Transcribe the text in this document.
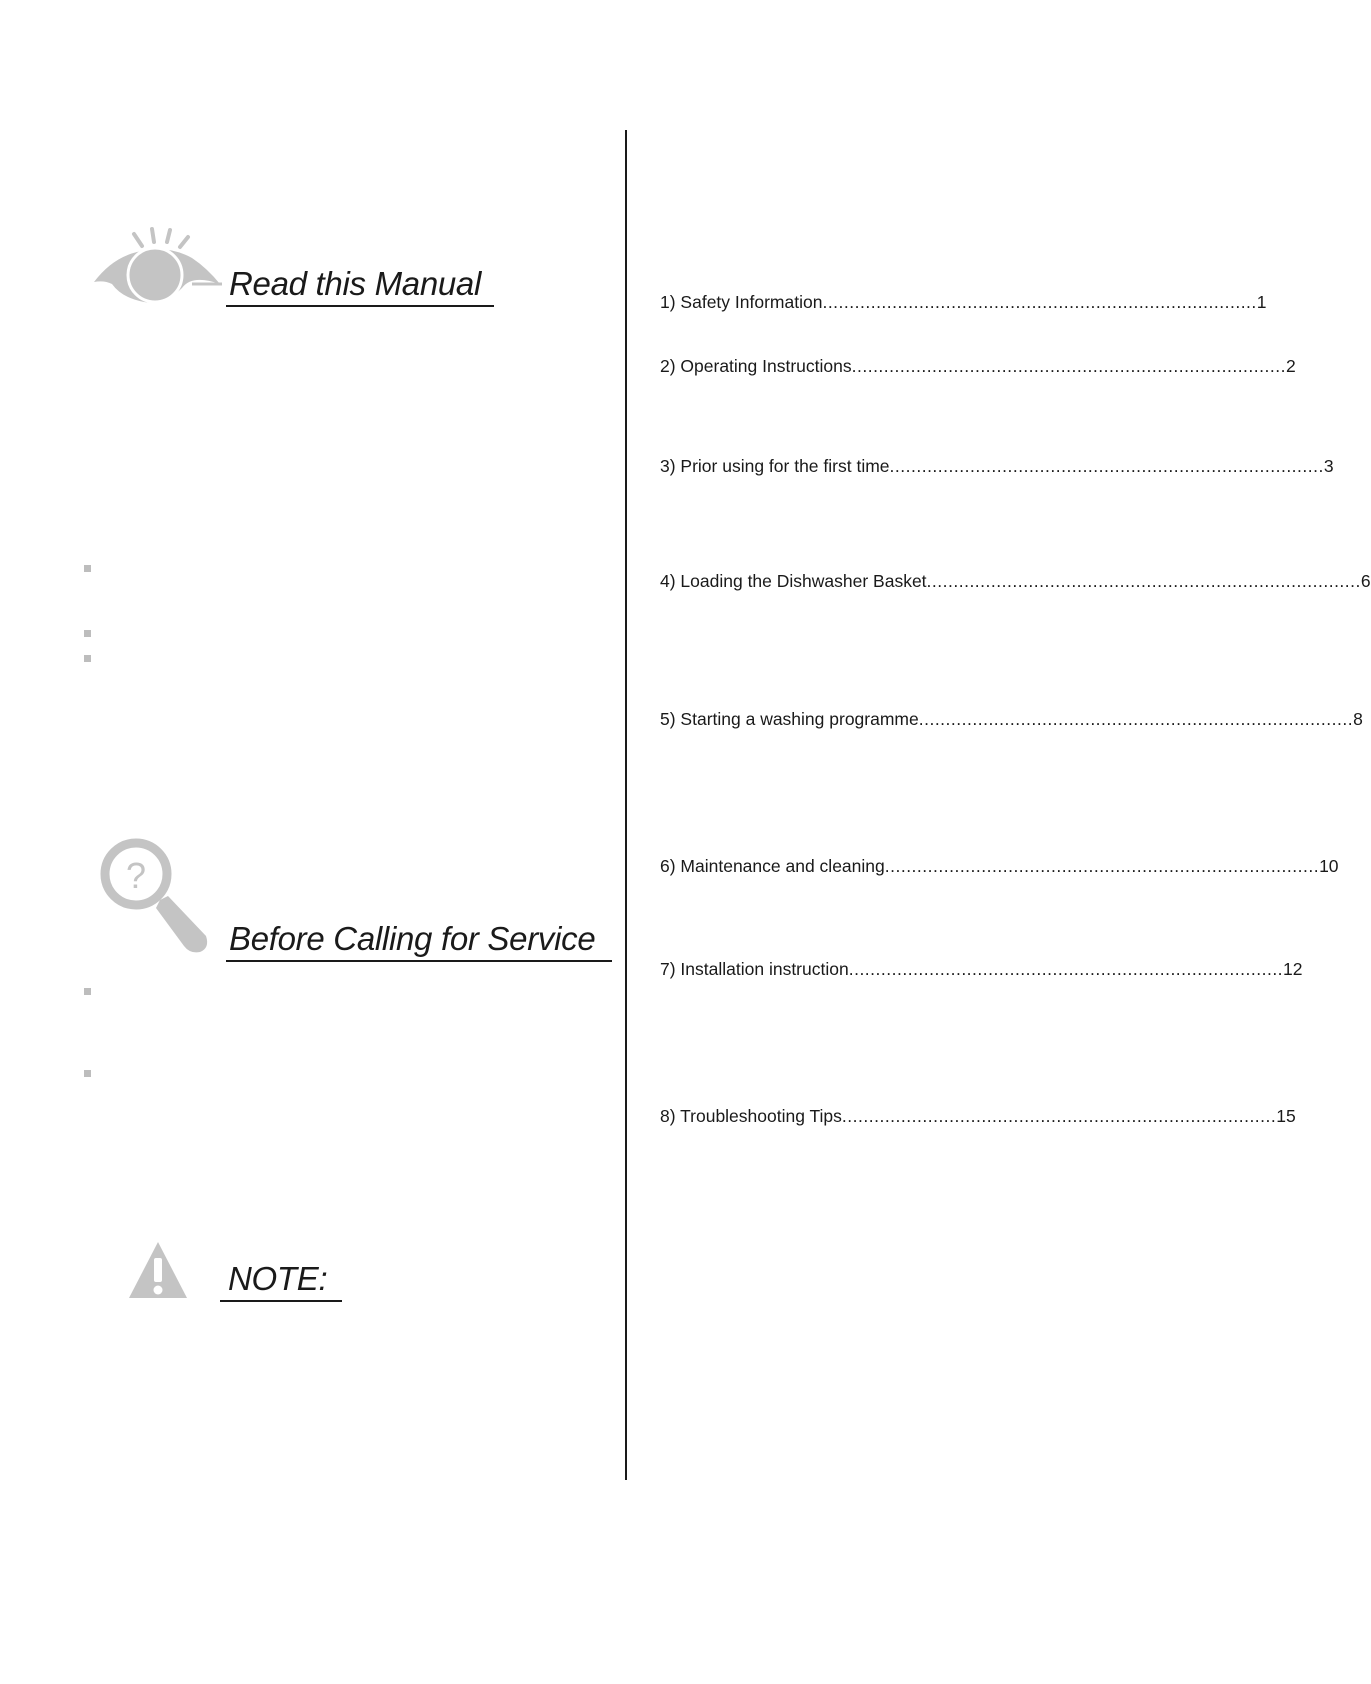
Read this Manual
?
Before Calling for Service
NOTE:
1) Safety Information ................................................................................. 1
2) Operating Instructions ................................................................................. 2
3) Prior using for the first time ................................................................................. 3
4) Loading the Dishwasher Basket ................................................................................. 6
5) Starting a washing programme ................................................................................. 8
6) Maintenance and cleaning ................................................................................. 10
7) Installation instruction ................................................................................. 12
8) Troubleshooting Tips ................................................................................. 15
